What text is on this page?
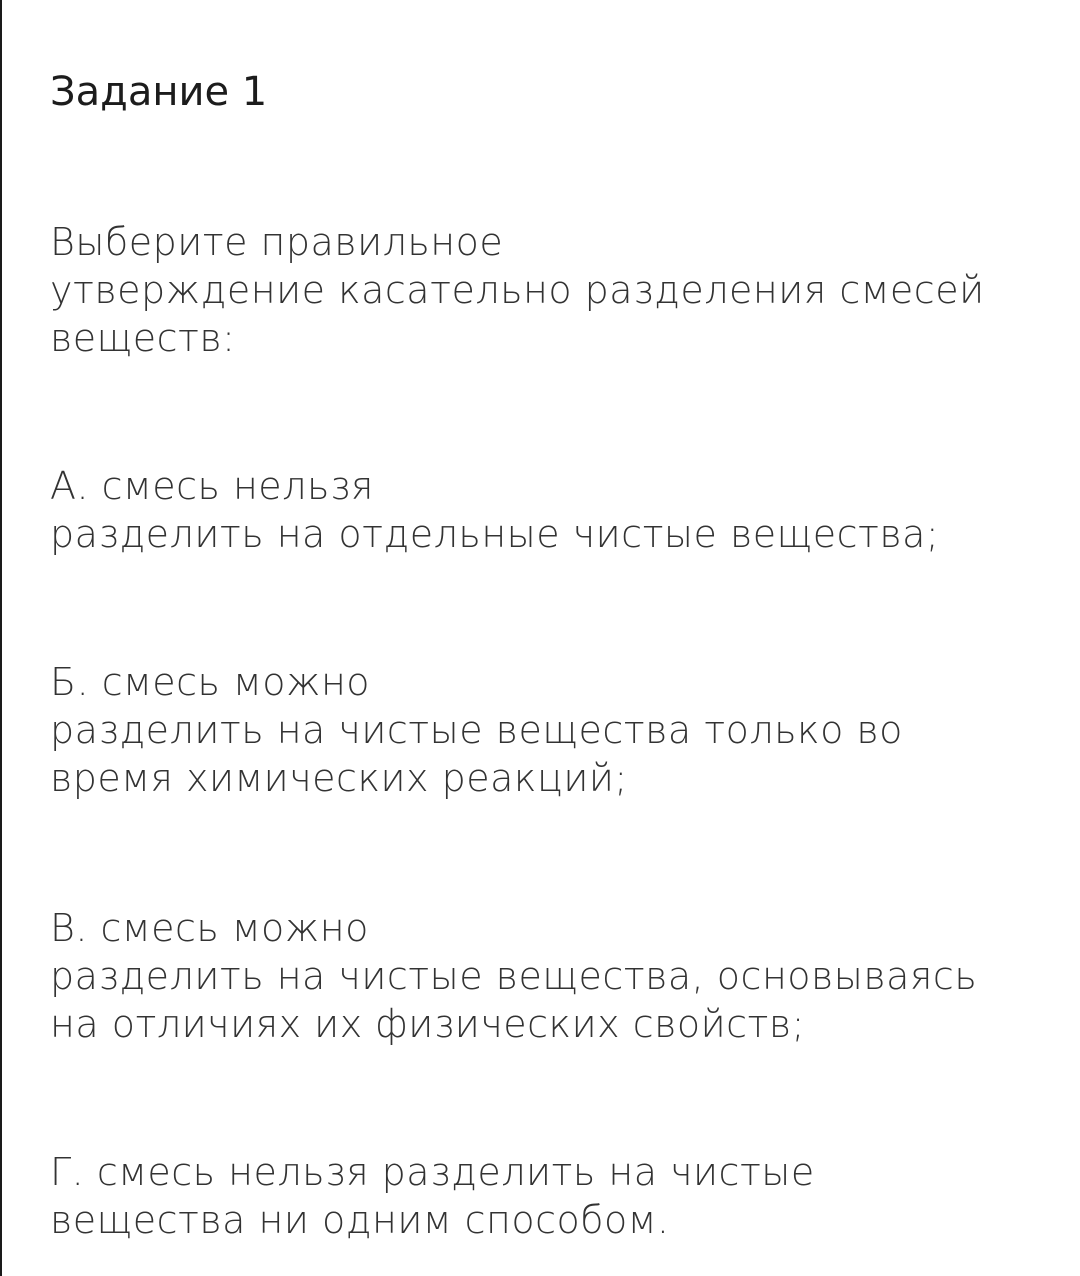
Задание 1
Выберите правильное
утверждение касательно разделения смесей
веществ:
А. смесь нельзя
разделить на отдельные чистые вещества;
Б. смесь можно
разделить на чистые вещества только во
время химических реакций;
В. смесь можно
разделить на чистые вещества, основываясь
на отличиях их физических свойств;
Г. смесь нельзя разделить на чистые
вещества ни одним способом.
